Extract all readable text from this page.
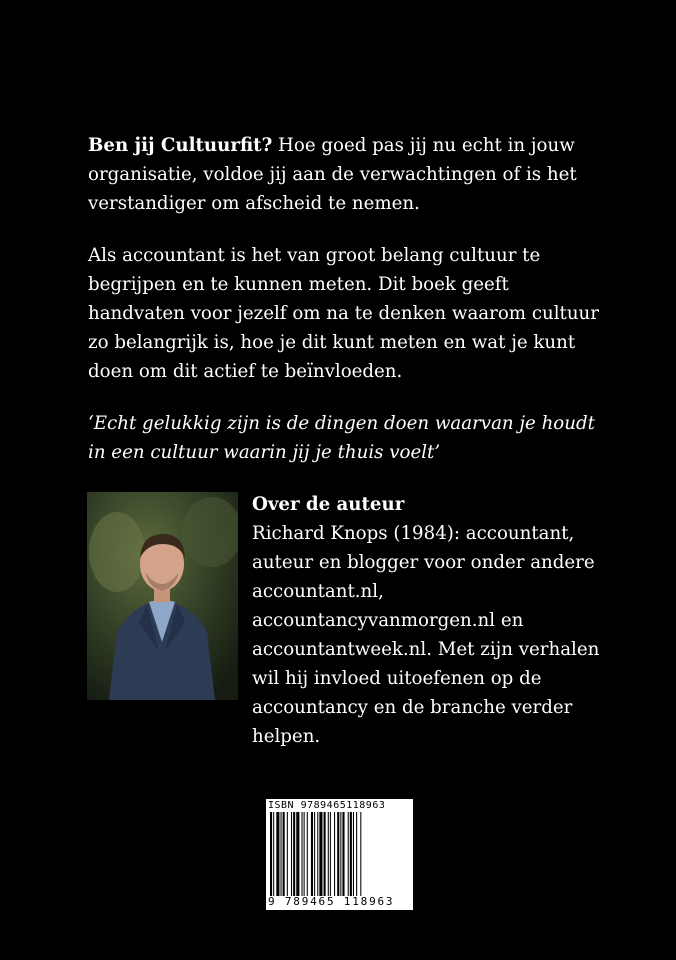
Ben jij Cultuurfit? Hoe goed pas jij nu echt in jouw organisatie, voldoe jij aan de verwachtingen of is het verstandiger om afscheid te nemen.

Als accountant is het van groot belang cultuur te begrijpen en te kunnen meten. Dit boek geeft handvaten voor jezelf om na te denken waarom cultuur zo belangrijk is, hoe je dit kunt meten en wat je kunt doen om dit actief te beïnvloeden.

‘Echt gelukkig zijn is de dingen doen waarvan je houdt in een cultuur waarin jij je thuis voelt’

Over de auteur
Richard Knops (1984): accountant,
auteur en blogger voor onder andere
accountant.nl,
accountancyvanmorgen.nl en
accountantweek.nl. Met zijn verhalen
wil hij invloed uitoefenen op de
accountancy en de branche verder helpen.
ISBN 9789465118963
9 789465 118963
